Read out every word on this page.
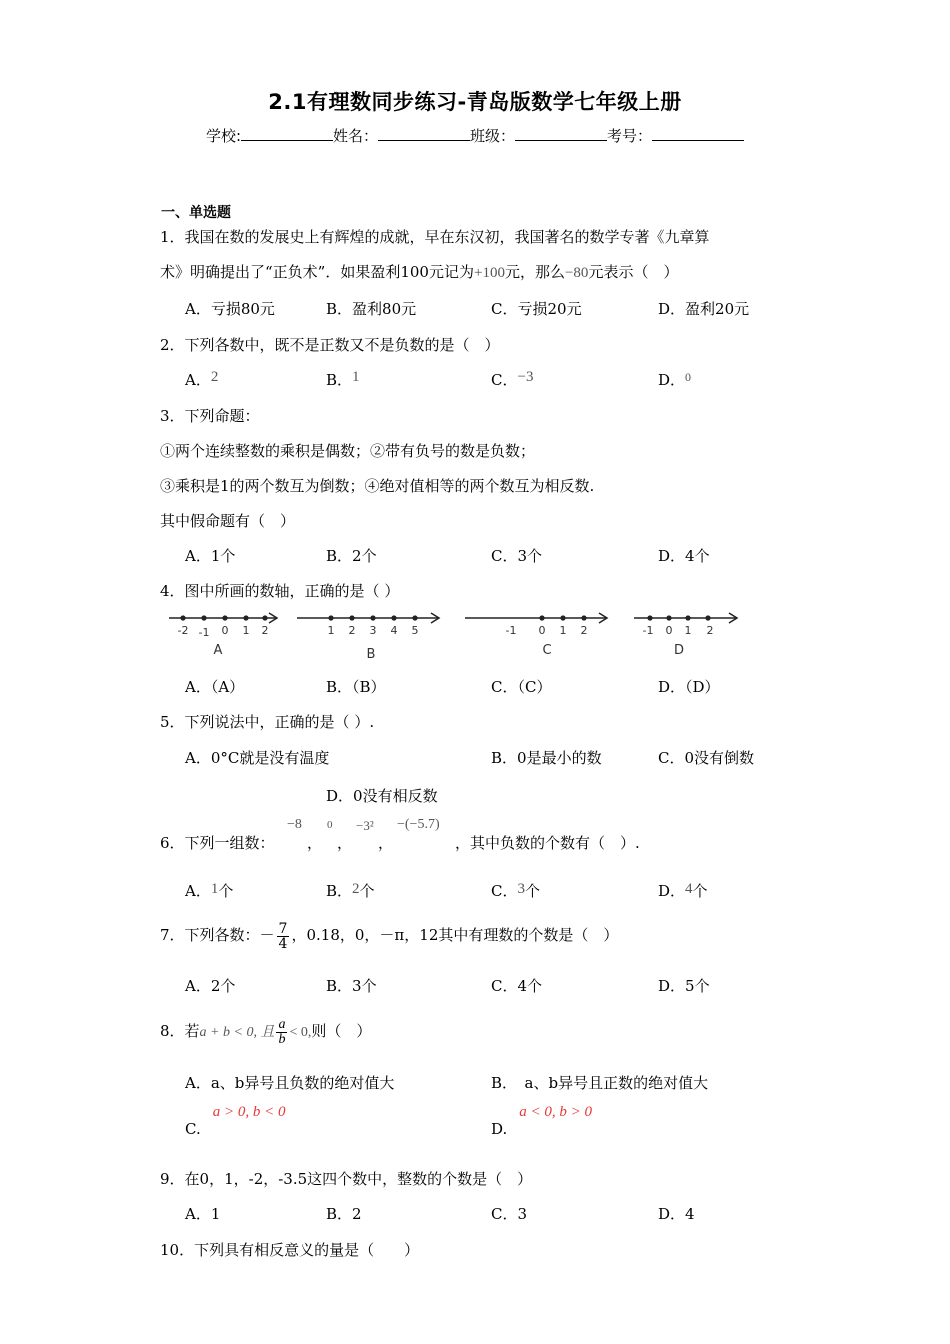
2.1有理数同步练习-青岛版数学七年级上册
学校:	姓名：	班级：	考号：
一、单选题
1．我国在数的发展史上有辉煌的成就，早在东汉初，我国著名的数学专著《九章算
术》明确提出了“正负术”．如果盈利100元记为+100元，那么−80元表示（　）
A．亏损80元	B．盈利80元	C．亏损20元	D．盈利20元
2．下列各数中，既不是正数又不是负数的是（　）
A．2	B．1	C．−3	D．$^0$
3．下列命题：
①两个连续整数的乘积是偶数；②带有负号的数是负数；
③乘积是1的两个数互为倒数；④绝对值相等的两个数互为相反数.
其中假命题有（　）
A．1个	B．2个	C．3个	D．4个
4．图中所画的数轴，正确的是（ ）
-2 -1 0 1 2
A
1 2 3 4 5
B
-1 0 1 2
C
-1 0 1 2
D
A．（A）	B．（B）	C．（C）	D．（D）
5．下列说法中，正确的是（ ）.
A．0°C就是没有温度	B．0是最小的数	C．0没有倒数
D．0没有相反数
6．下列一组数：
−8
，
0
，
−3²
，
−(−5.7)
，其中负数的个数有（　）.
A．1个	B．2个	C．3个	D．4个
7．下列各数：－ $\frac{7}{4}$ ，0.18，0，－π，12其中有理数的个数是（　）
A．2个	B．3个	C．4个	D．5个
8．若a + b < 0, 且 $\frac{a}{b} < 0$,则（　）
A．a、b异号且负数的绝对值大	B．　a、b异号且正数的绝对值大
C.a > 0, b < 0
D.a < 0, b > 0
9．在0，1，-2，-3.5这四个数中，整数的个数是（　）
A．1	B．2	C．3	D．4
10．下列具有相反意义的量是（　　）
